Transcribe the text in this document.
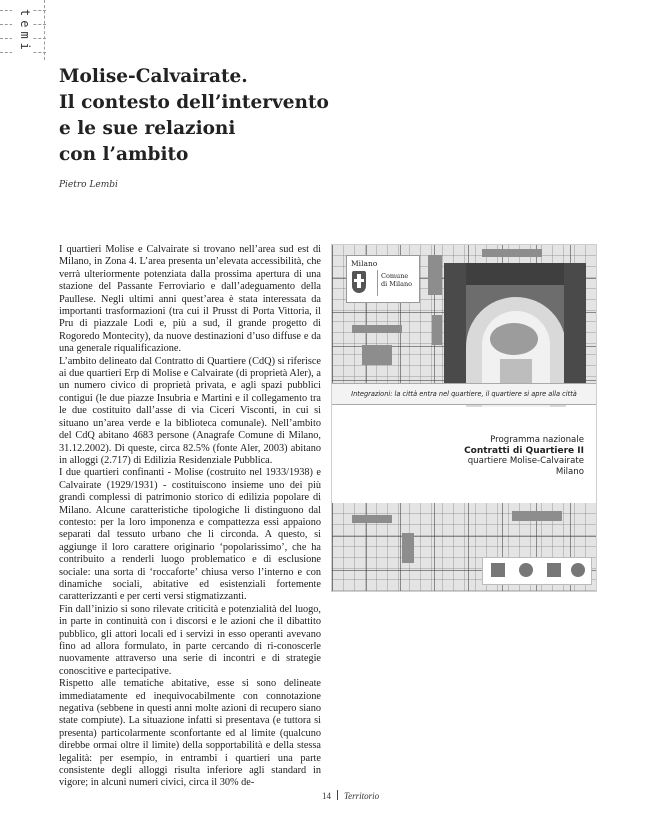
temi
Molise-Calvairate.
Il contesto dell’intervento
e le sue relazioni
con l’ambito
Pietro Lembi

I quartieri Molise e Calvairate si trovano nell’area sud est di Milano, in Zona 4. L’area presenta un’elevata accessibilità, che verrà ulteriormente potenziata dalla prossima apertura di una stazione del Passante Ferroviario e dall’adeguamento della Paullese. Negli ultimi anni quest’area è stata interessata da importanti trasformazioni (tra cui il Prusst di Porta Vittoria, il Pru di piazzale Lodi e, più a sud, il grande progetto di Rogoredo Montecity), da nuove destinazioni d’uso diffuse e da una generale riqualificazione.

L’ambito delineato dal Contratto di Quartiere (CdQ) si riferisce ai due quartieri Erp di Molise e Calvairate (di proprietà Aler), a un numero civico di proprietà privata, e agli spazi pubblici contigui (le due piazze Insubria e Martini e il collegamento tra le due costituito dall’asse di via Ciceri Visconti, in cui si situano un’area verde e la biblioteca comunale). Nell’ambito del CdQ abitano 4683 persone (Anagrafe Comune di Milano, 31.12.2002). Di queste, circa 82.5% (fonte Aler, 2003) abitano in alloggi (2.717) di Edilizia Residenziale Pubblica.

I due quartieri confinanti - Molise (costruito nel 1933/1938) e Calvairate (1929/1931) - costituiscono insieme uno dei più grandi complessi di patrimonio storico di edilizia popolare di Milano. Alcune caratteristiche tipologiche li distinguono dal contesto: per la loro imponenza e compattezza essi appaiono separati dal tessuto urbano che li circonda. A questo, si aggiunge il loro carattere originario ‘popolarissimo’, che ha contribuito a renderli luogo problematico e di esclusione sociale: una sorta di ‘roccaforte’ chiusa verso l’interno e con dinamiche sociali, abitative ed esistenziali fortemente caratterizzanti e per certi versi stigmatizzanti.

Fin dall’inizio si sono rilevate criticità e potenzialità del luogo, in parte in continuità con i discorsi e le azioni che il dibattito pubblico, gli attori locali ed i servizi in esso operanti avevano fino ad allora formulato, in parte cercando di ri-conoscerle nuovamente attraverso una serie di incontri e di strategie conoscitive e partecipative.

Rispetto alle tematiche abitative, esse si sono delineate immediatamente ed inequivocabilmente con connotazione negativa (sebbene in questi anni molte azioni di recupero siano state compiute). La situazione infatti si presentava (e tuttora si presenta) particolarmente sconfortante ed al limite (qualcuno direbbe ormai oltre il limite) della sopportabilità e della stessa legalità: per esempio, in entrambi i quartieri una parte consistente degli alloggi risulta inferiore agli standard in vigore; in alcuni numeri civici, circa il 30% de-

Milano
Comune
di Milano
Integrazioni: la città entra nel quartiere, il quartiere si apre alla città
Programma nazionale
Contratti di Quartiere II
quartiere Molise-Calvairate
Milano
14 Territorio
